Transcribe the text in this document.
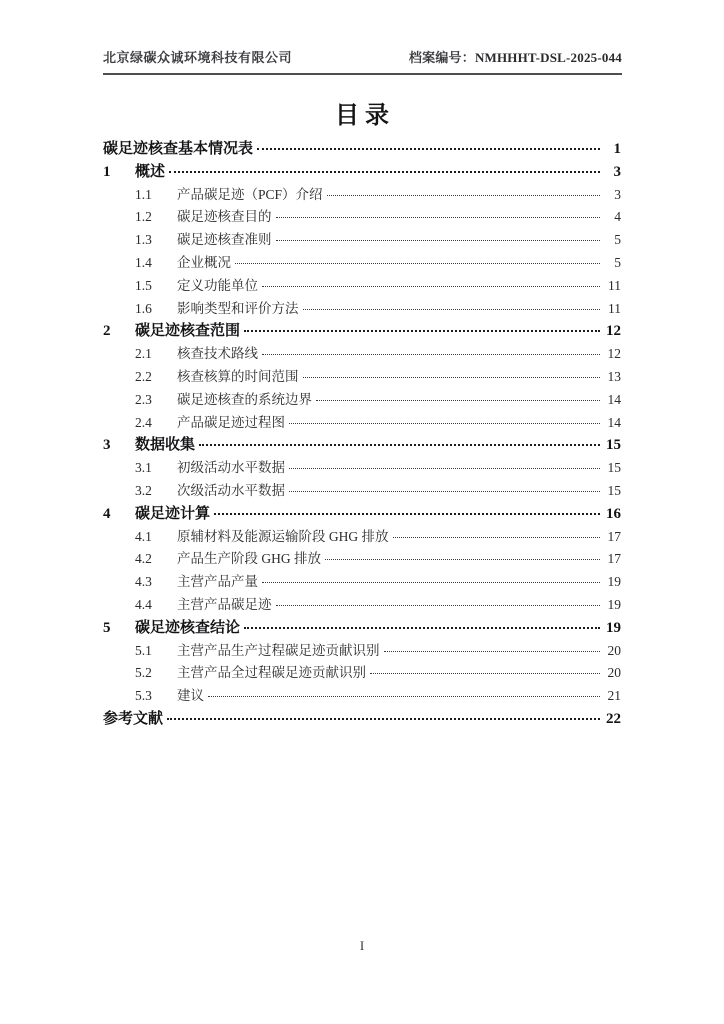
北京绿碳众诚环境科技有限公司	档案编号：NMHHHT-DSL-2025-044
目 录
碳足迹核查基本情况表	1
1	概述	3
1.1	产品碳足迹（PCF）介绍	3
1.2	碳足迹核查目的	4
1.3	碳足迹核查准则	5
1.4	企业概况	5
1.5	定义功能单位	11
1.6	影响类型和评价方法	11
2	碳足迹核查范围	12
2.1	核查技术路线	12
2.2	核查核算的时间范围	13
2.3	碳足迹核查的系统边界	14
2.4	产品碳足迹过程图	14
3	数据收集	15
3.1	初级活动水平数据	15
3.2	次级活动水平数据	15
4	碳足迹计算	16
4.1	原辅材料及能源运输阶段 GHG 排放	17
4.2	产品生产阶段 GHG 排放	17
4.3	主营产品产量	19
4.4	主营产品碳足迹	19
5	碳足迹核查结论	19
5.1	主营产品生产过程碳足迹贡献识别	20
5.2	主营产品全过程碳足迹贡献识别	20
5.3	建议	21
参考文献	22
I
